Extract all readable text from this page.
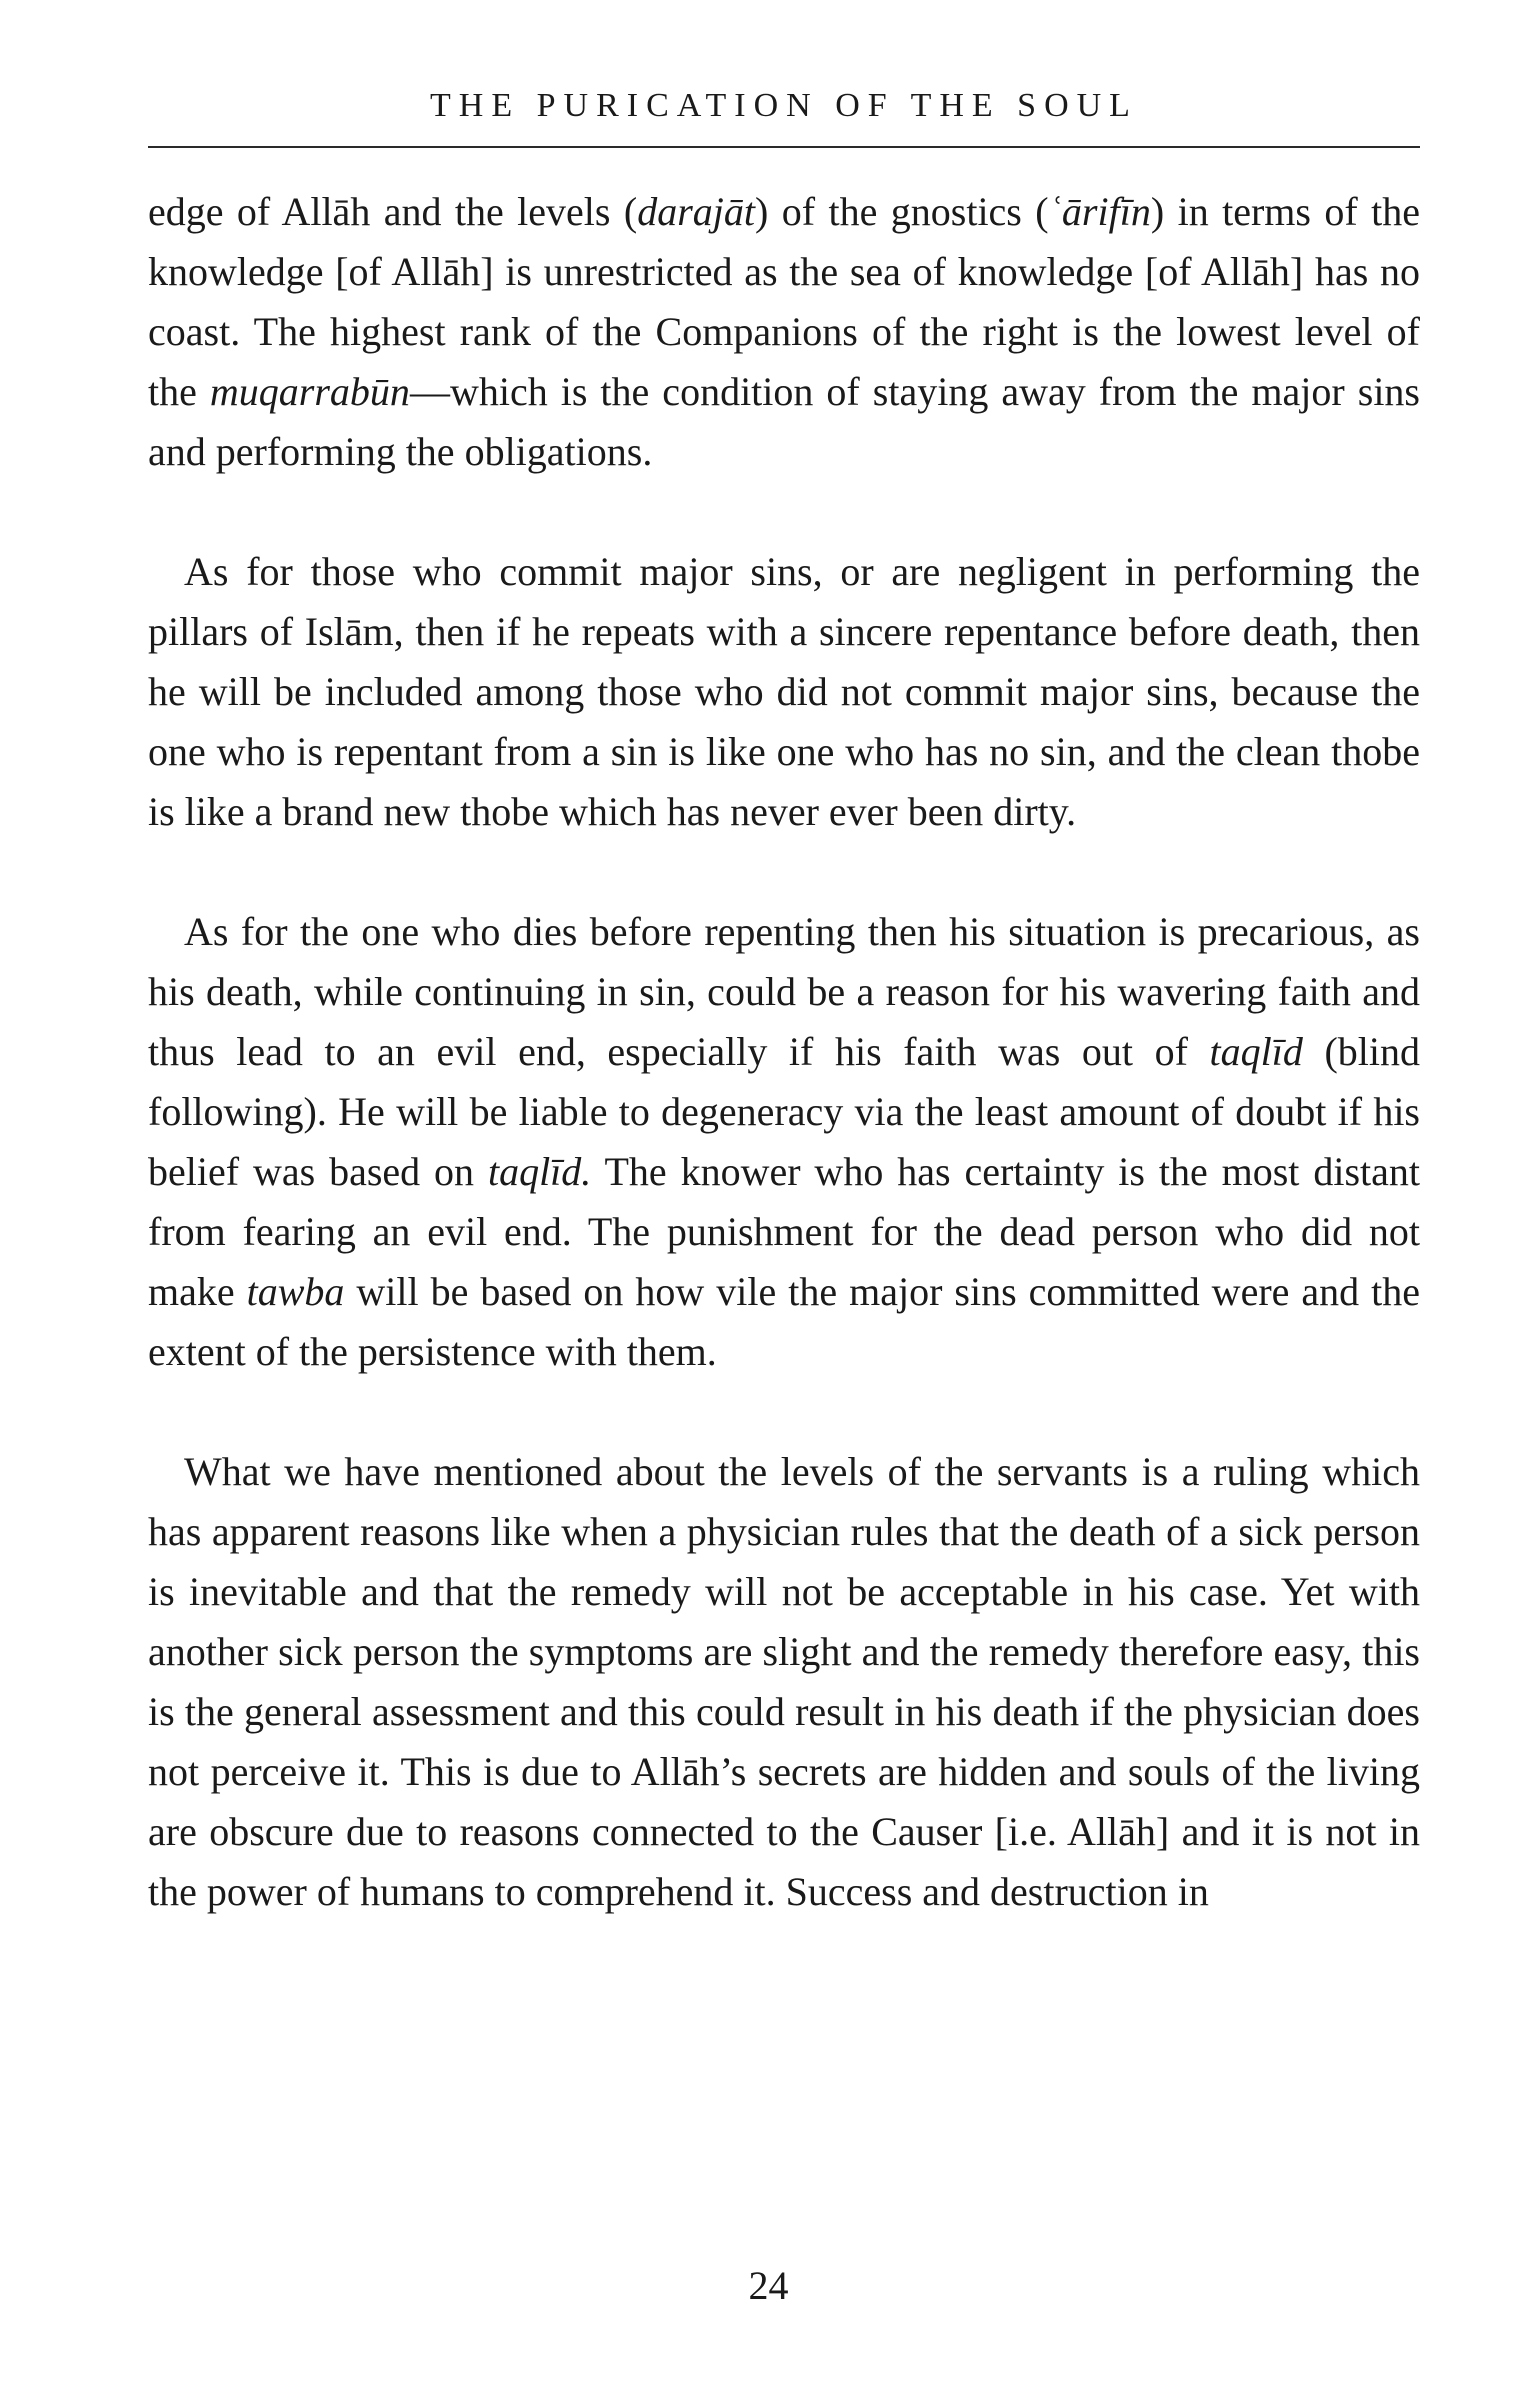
THE PURICATION OF THE SOUL

edge of Allāh and the levels (darajāt) of the gnostics (ʿārifīn) in terms of the knowledge [of Allāh] is unrestricted as the sea of knowledge [of Allāh] has no coast. The highest rank of the Companions of the right is the lowest level of the muqarrabūn—which is the condition of staying away from the major sins and performing the obligations.

As for those who commit major sins, or are negligent in performing the pillars of Islām, then if he repeats with a sincere repentance before death, then he will be included among those who did not commit major sins, because the one who is repentant from a sin is like one who has no sin, and the clean thobe is like a brand new thobe which has never ever been dirty.

As for the one who dies before repenting then his situation is precarious, as his death, while continuing in sin, could be a reason for his wavering faith and thus lead to an evil end, especially if his faith was out of taqlīd (blind following). He will be liable to degeneracy via the least amount of doubt if his belief was based on taqlīd. The knower who has certainty is the most distant from fearing an evil end. The punishment for the dead person who did not make tawba will be based on how vile the major sins committed were and the extent of the persistence with them.

What we have mentioned about the levels of the servants is a ruling which has apparent reasons like when a physician rules that the death of a sick person is inevitable and that the remedy will not be acceptable in his case. Yet with another sick person the symptoms are slight and the remedy therefore easy, this is the general assessment and this could result in his death if the physician does not perceive it. This is due to Allāh’s secrets are hidden and souls of the living are obscure due to reasons connected to the Causer [i.e. Allāh] and it is not in the power of humans to comprehend it. Success and destruction in

24
